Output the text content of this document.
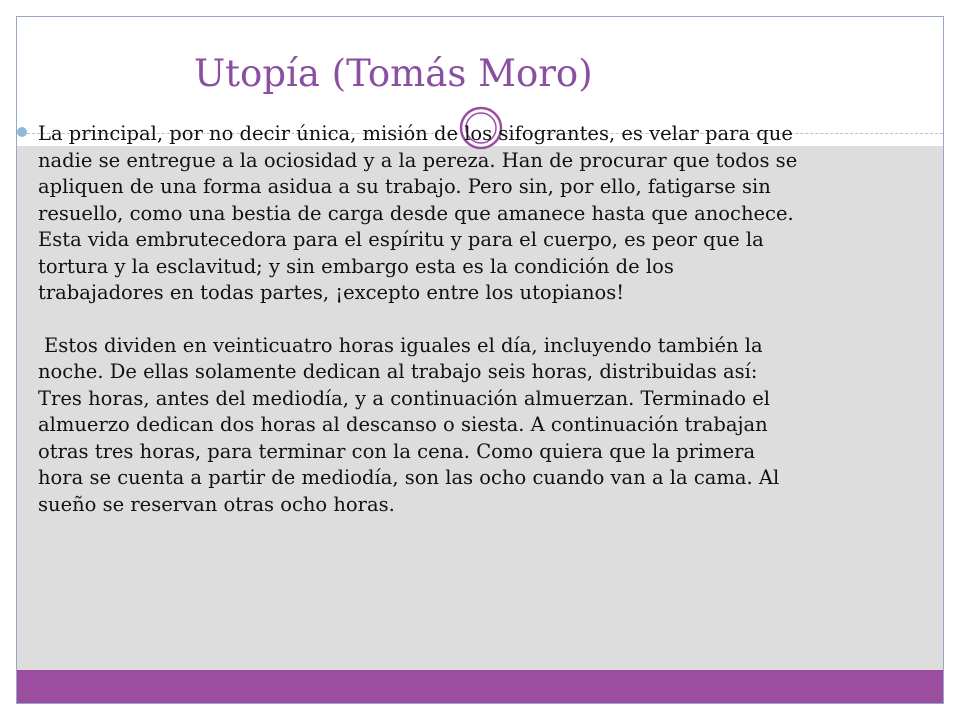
Utopía (Tomás Moro)

La principal, por no decir única, misión de los sifograntes, es velar para que nadie se entregue a la ociosidad y a la pereza. Han de procurar que todos se apliquen de una forma asidua a su trabajo. Pero sin, por ello, fatigarse sin resuello, como una bestia de carga desde que amanece hasta que anochece. Esta vida embrutecedora para el espíritu y para el cuerpo, es peor que la tortura y la esclavitud; y sin embargo esta es la condición de los trabajadores en todas partes, ¡excepto entre los utopianos!

Estos dividen en veinticuatro horas iguales el día, incluyendo también la noche. De ellas solamente dedican al trabajo seis horas, distribuidas así: Tres horas, antes del mediodía, y a continuación almuerzan. Terminado el almuerzo dedican dos horas al descanso o siesta. A continuación trabajan otras tres horas, para terminar con la cena. Como quiera que la primera hora se cuenta a partir de mediodía, son las ocho cuando van a la cama. Al sueño se reservan otras ocho horas.
